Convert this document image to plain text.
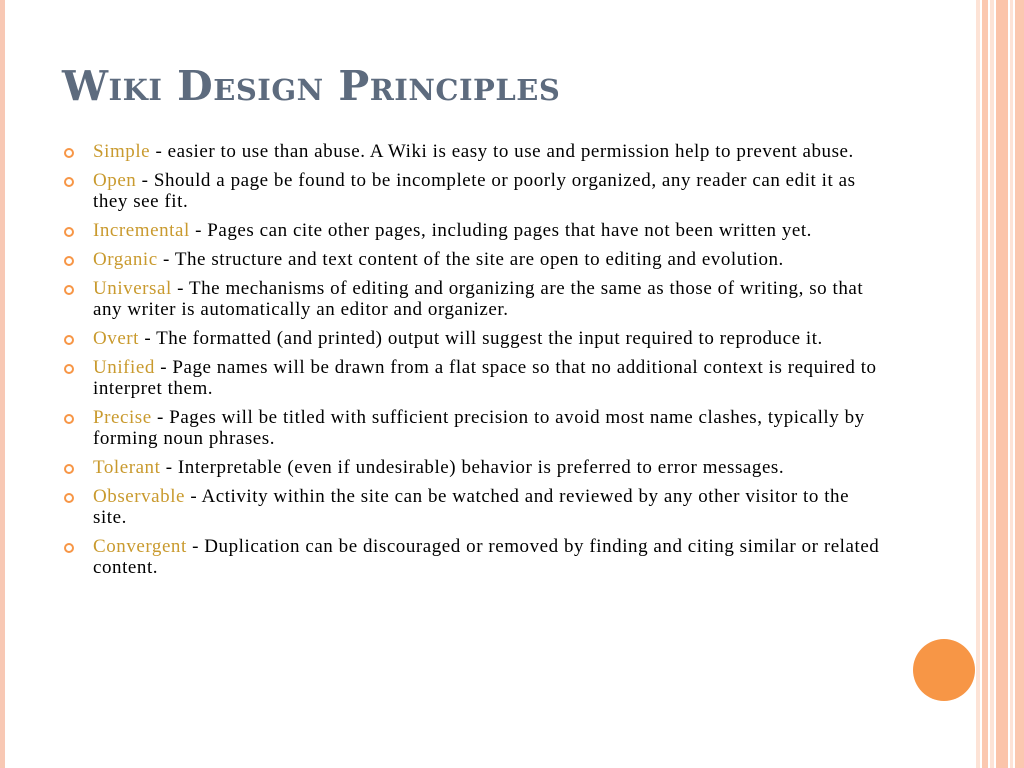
Wiki Design Principles
Simple - easier to use than abuse. A Wiki is easy to use and permission help to prevent abuse.
Open - Should a page be found to be incomplete or poorly organized, any reader can edit it as they see fit.
Incremental - Pages can cite other pages, including pages that have not been written yet.
Organic - The structure and text content of the site are open to editing and evolution.
Universal - The mechanisms of editing and organizing are the same as those of writing, so that any writer is automatically an editor and organizer.
Overt - The formatted (and printed) output will suggest the input required to reproduce it.
Unified - Page names will be drawn from a flat space so that no additional context is required to interpret them.
Precise - Pages will be titled with sufficient precision to avoid most name clashes, typically by forming noun phrases.
Tolerant - Interpretable (even if undesirable) behavior is preferred to error messages.
Observable - Activity within the site can be watched and reviewed by any other visitor to the site.
Convergent - Duplication can be discouraged or removed by finding and citing similar or related content.
